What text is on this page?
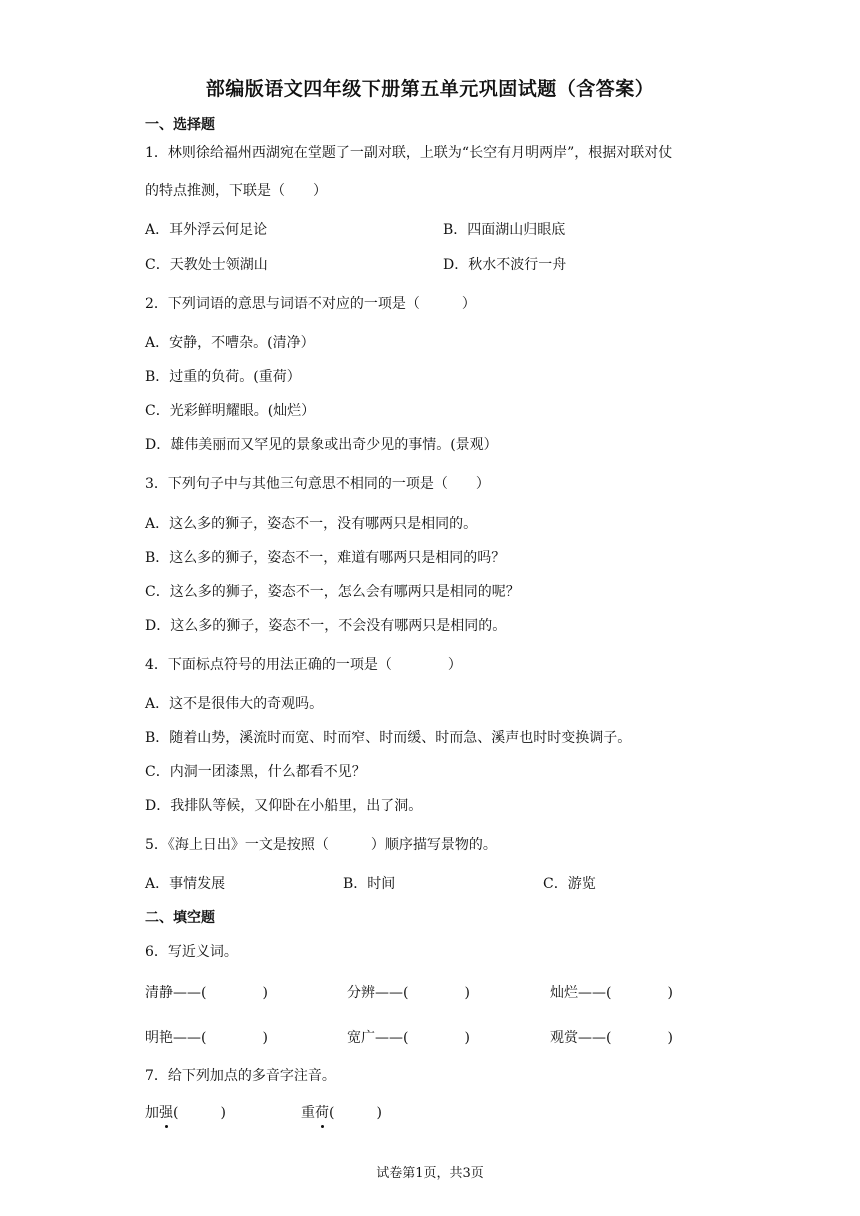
部编版语文四年级下册第五单元巩固试题（含答案）
一、选择题
1．林则徐给福州西湖宛在堂题了一副对联，上联为“长空有月明两岸”，根据对联对仗
的特点推测，下联是（　　）
A．耳外浮云何足论	B．四面湖山归眼底
C．天教处士领湖山	D．秋水不波行一舟
2．下列词语的意思与词语不对应的一项是（　　　）
A．安静，不嘈杂。(清净）
B．过重的负荷。(重荷）
C．光彩鲜明耀眼。(灿烂）
D．雄伟美丽而又罕见的景象或出奇少见的事情。(景观）
3．下列句子中与其他三句意思不相同的一项是（　　）
A．这么多的狮子，姿态不一，没有哪两只是相同的。
B．这么多的狮子，姿态不一，难道有哪两只是相同的吗？
C．这么多的狮子，姿态不一，怎么会有哪两只是相同的呢？
D．这么多的狮子，姿态不一，不会没有哪两只是相同的。
4．下面标点符号的用法正确的一项是（　　　　）
A．这不是很伟大的奇观吗。
B．随着山势，溪流时而宽、时而窄、时而缓、时而急、溪声也时时变换调子。
C．内洞一团漆黑，什么都看不见？
D．我排队等候，又仰卧在小船里，出了洞。
5．《海上日出》一文是按照（　　　）顺序描写景物的。
A．事情发展	B．时间	C．游览
二、填空题
6．写近义词。
清静——(　　　　)	分辨——(　　　　)	灿烂——(　　　　)
明艳——(　　　　)	宽广——(　　　　)	观赏——(　　　　)
7．给下列加点的多音字注音。
加强(　　　)	重荷(　　　)
试卷第1页，共3页
